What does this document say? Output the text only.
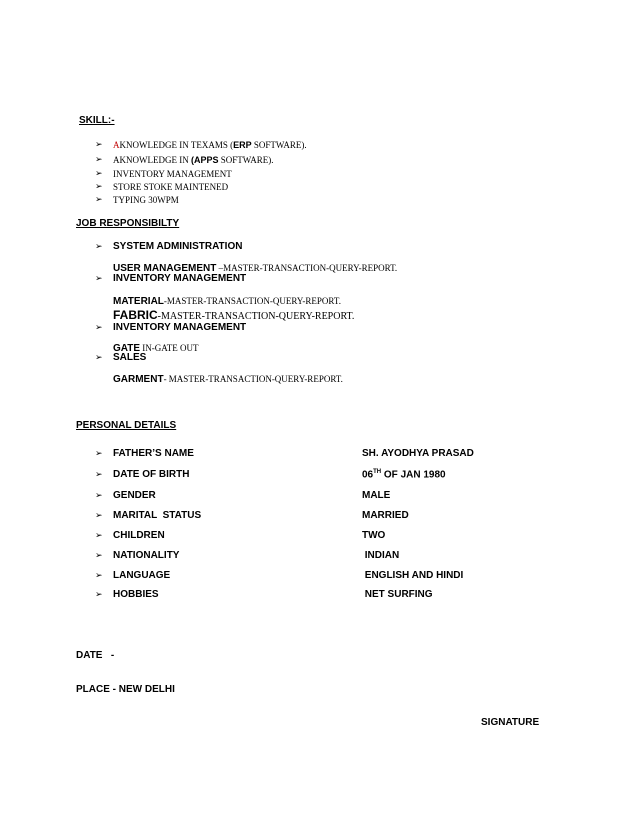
SKILL:-
➢ AKNOWLEDGE IN TEXAMS (ERP SOFTWARE).
➢ AKNOWLEDGE IN (APPS SOFTWARE).
➢ INVENTORY MANAGEMENT
➢ STORE STOKE MAINTENED
➢ TYPING 30WPM
JOB RESPONSIBILTY
➢ SYSTEM ADMINISTRATION
USER MANAGEMENT –MASTER-TRANSACTION-QUERY-REPORT.
➢ INVENTORY MANAGEMENT
MATERIAL-MASTER-TRANSACTION-QUERY-REPORT.
FABRIC-MASTER-TRANSACTION-QUERY-REPORT.
➢ INVENTORY MANAGEMENT
GATE IN-GATE OUT
➢ SALES
GARMENT- MASTER-TRANSACTION-QUERY-REPORT.
PERSONAL DETAILS
➢ FATHER’S NAME	SH. AYODHYA PRASAD
➢ DATE OF BIRTH	06TH OF JAN 1980
➢ GENDER	MALE
➢ MARITAL  STATUS	MARRIED
➢ CHILDREN	TWO
➢ NATIONALITY	INDIAN
➢ LANGUAGE	ENGLISH AND HINDI
➢ HOBBIES	NET SURFING
DATE   -
PLACE - NEW DELHI
SIGNATURE
